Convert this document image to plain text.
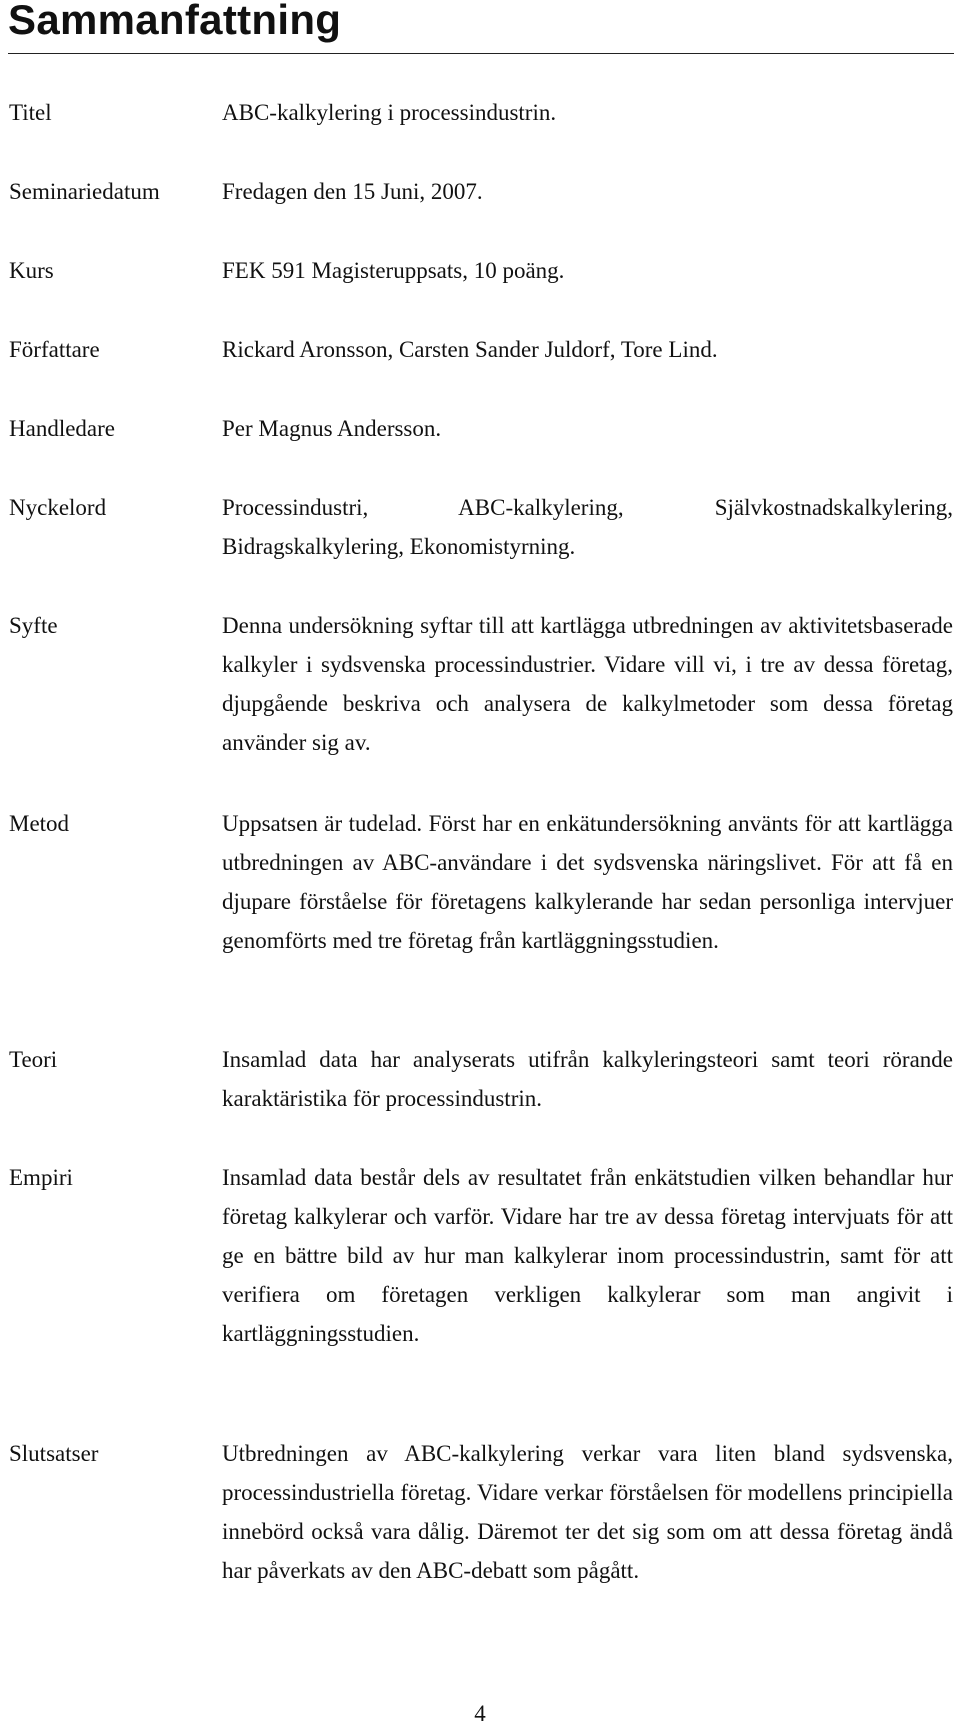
Sammanfattning
Titel	ABC-kalkylering i processindustrin.

Seminariedatum	Fredagen den 15 Juni, 2007.

Kurs	FEK 591 Magisteruppsats, 10 poäng.

Författare	Rickard Aronsson, Carsten Sander Juldorf, Tore Lind.

Handledare	Per Magnus Andersson.

Nyckelord	Processindustri, ABC-kalkylering, Självkostnadskalkylering, Bidragskalkylering, Ekonomistyrning.

Syfte	Denna undersökning syftar till att kartlägga utbredningen av aktivitetsbaserade kalkyler i sydsvenska processindustrier. Vidare vill vi, i tre av dessa företag, djupgående beskriva och analysera de kalkylmetoder som dessa företag använder sig av.

Metod	Uppsatsen är tudelad. Först har en enkätundersökning använts för att kartlägga utbredningen av ABC-användare i det sydsvenska näringslivet. För att få en djupare förståelse för företagens kalkylerande har sedan personliga intervjuer genomförts med tre företag från kartläggningsstudien.

Teori	Insamlad data har analyserats utifrån kalkyleringsteori samt teori rörande karaktäristika för processindustrin.

Empiri	Insamlad data består dels av resultatet från enkätstudien vilken behandlar hur företag kalkylerar och varför. Vidare har tre av dessa företag intervjuats för att ge en bättre bild av hur man kalkylerar inom processindustrin, samt för att verifiera om företagen verkligen kalkylerar som man angivit i kartläggningsstudien.

Slutsatser	Utbredningen av ABC-kalkylering verkar vara liten bland sydsvenska, processindustriella företag. Vidare verkar förståelsen för modellens principiella innebörd också vara dålig. Däremot ter det sig som om att dessa företag ändå har påverkats av den ABC-debatt som pågått.

4
